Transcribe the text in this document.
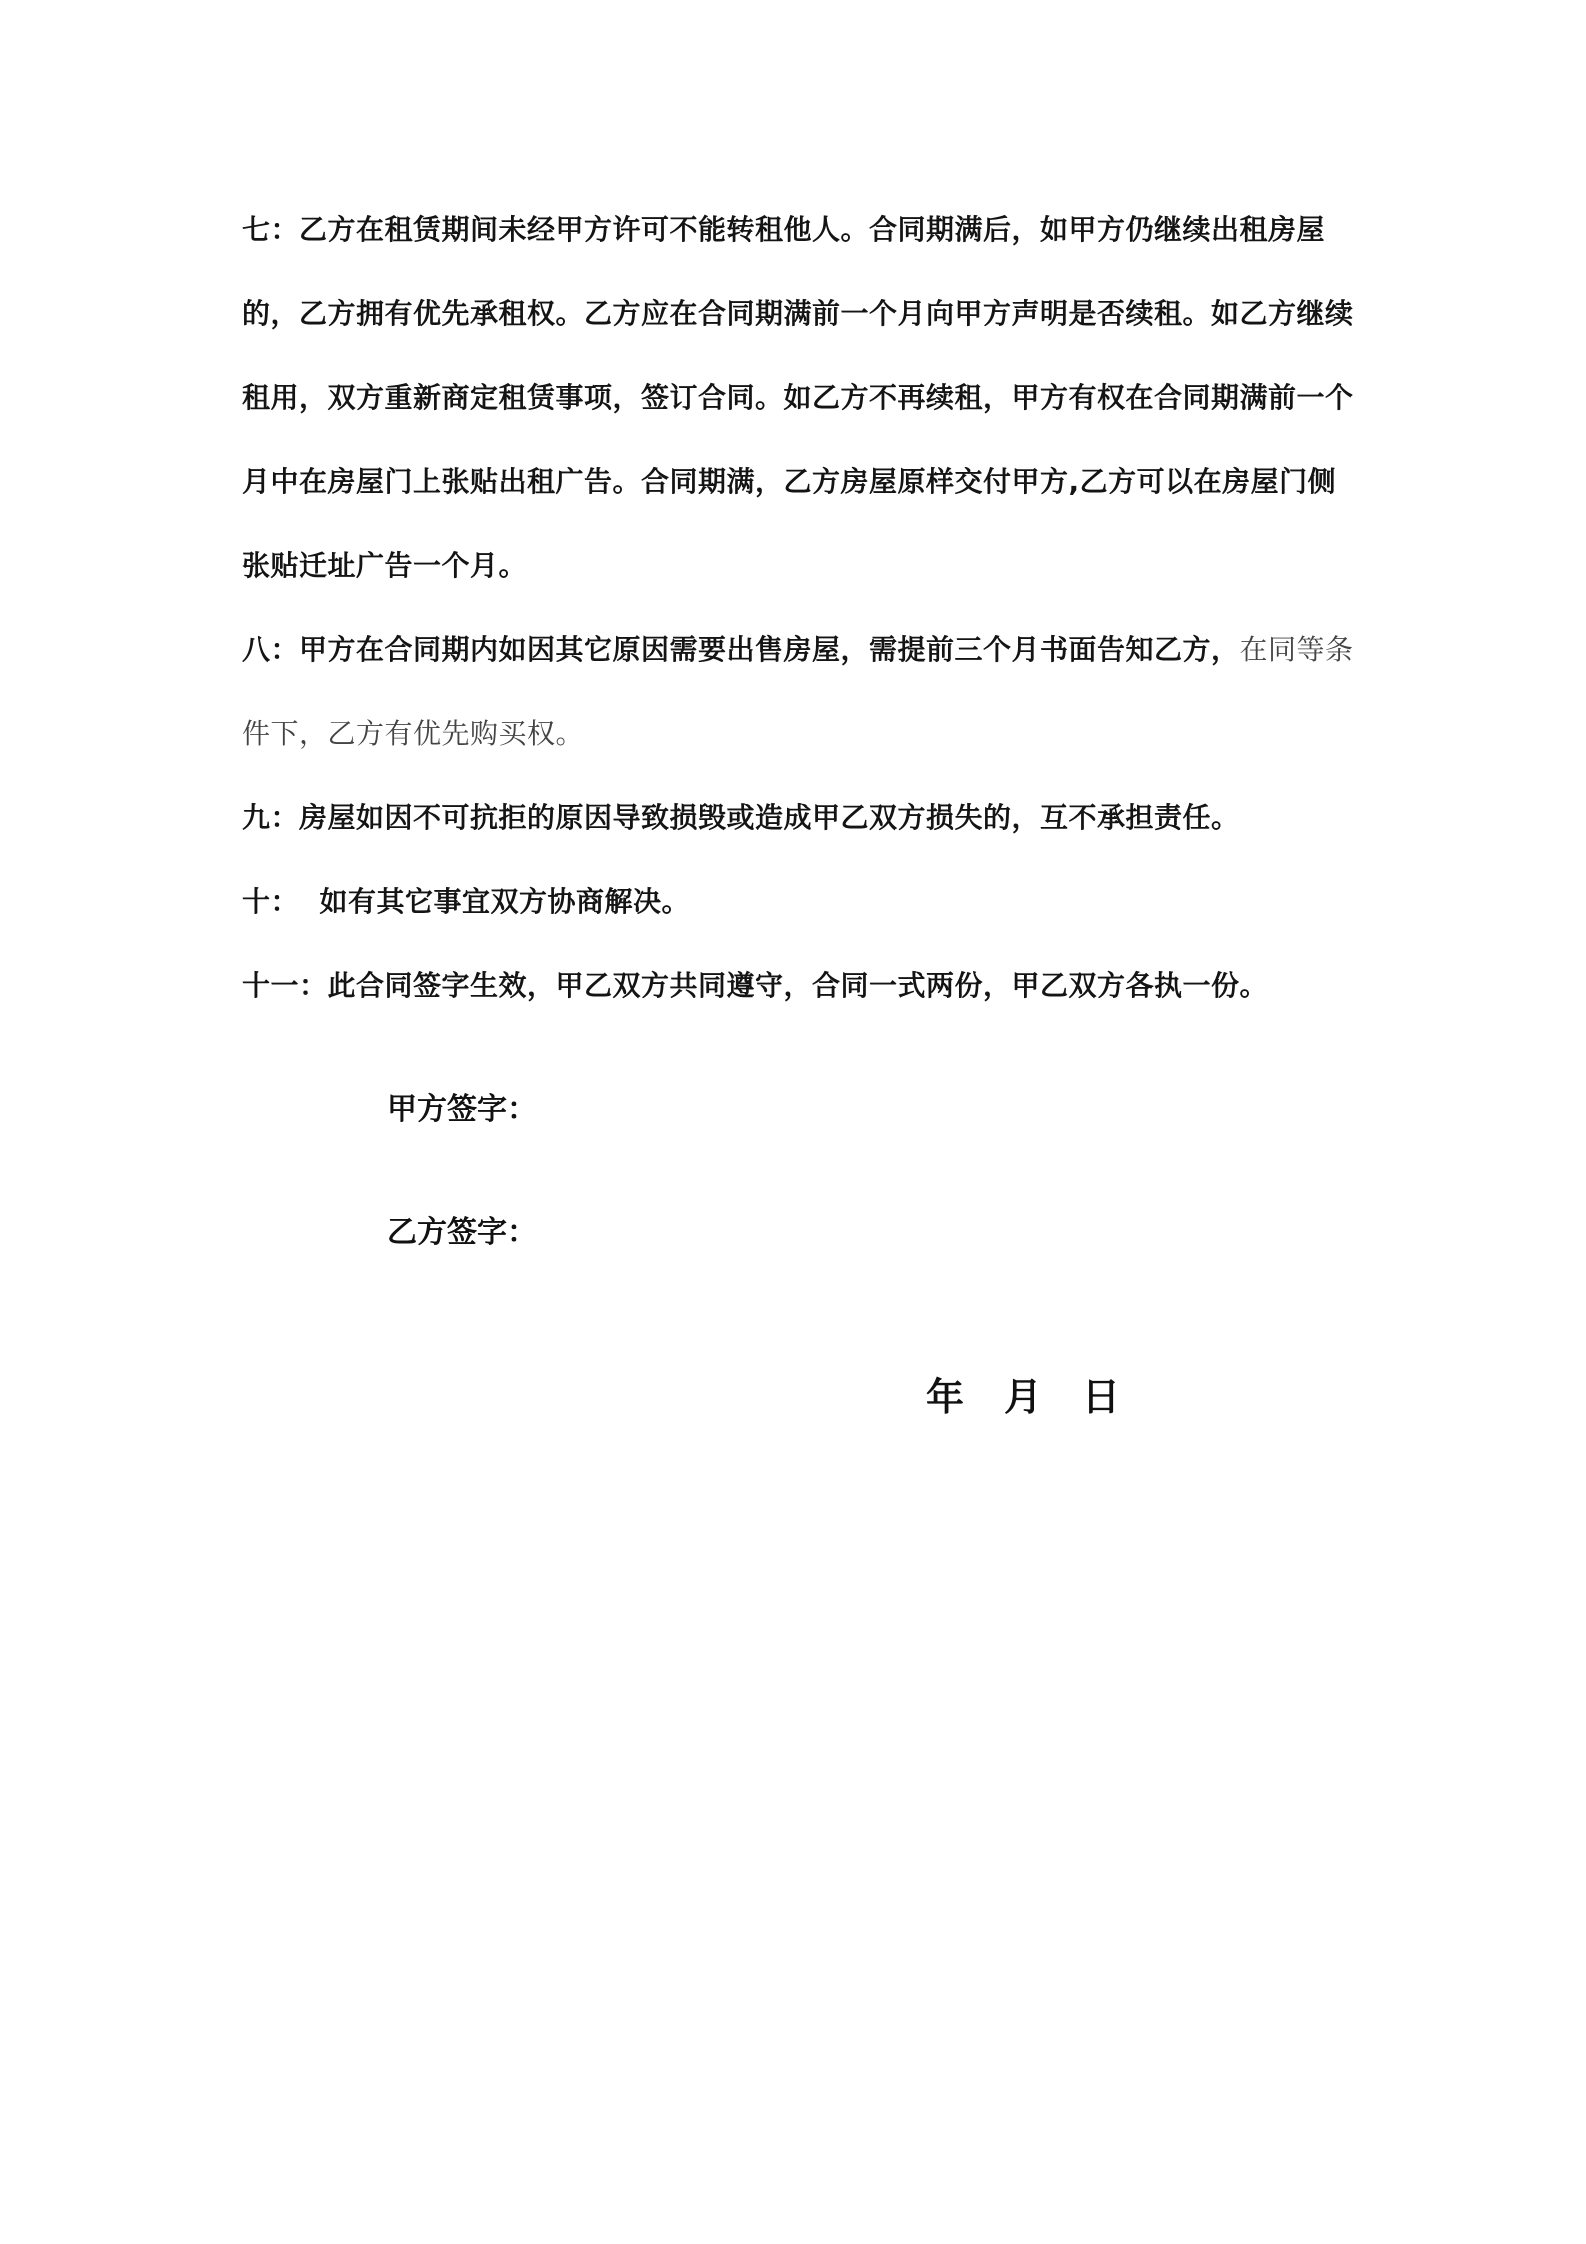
七：乙方在租赁期间未经甲方许可不能转租他人。合同期满后，如甲方仍继续出租房屋的，乙方拥有优先承租权。乙方应在合同期满前一个月向甲方声明是否续租。如乙方继续租用，双方重新商定租赁事项，签订合同。如乙方不再续租，甲方有权在合同期满前一个月中在房屋门上张贴出租广告。合同期满，乙方房屋原样交付甲方,乙方可以在房屋门侧张贴迁址广告一个月。

八：甲方在合同期内如因其它原因需要出售房屋，需提前三个月书面告知乙方，在同等条件下，乙方有优先购买权。

九：房屋如因不可抗拒的原因导致损毁或造成甲乙双方损失的，互不承担责任。

十：  如有其它事宜双方协商解决。

十一：此合同签字生效，甲乙双方共同遵守，合同一式两份，甲乙双方各执一份。

甲方签字：

乙方签字：

年 月 日
